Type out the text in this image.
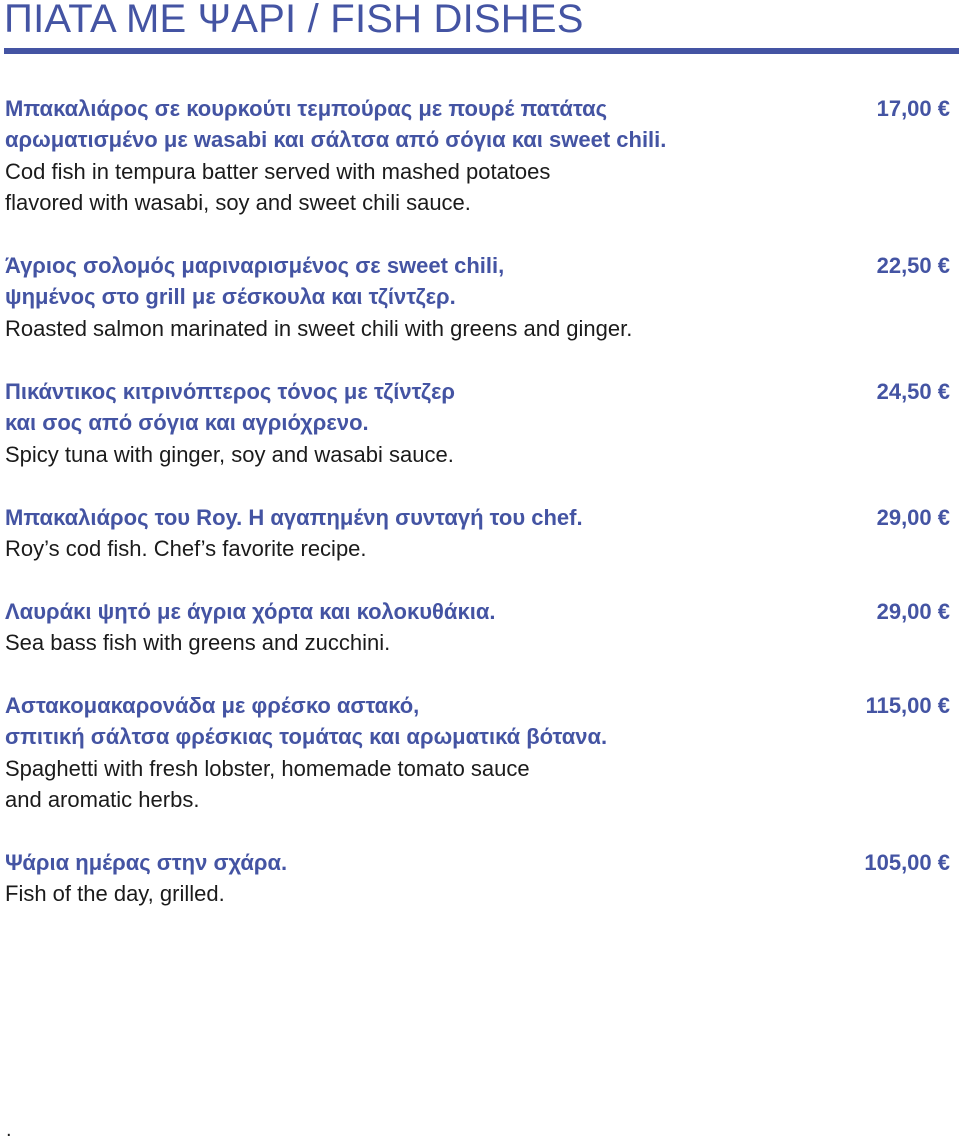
ΠΙΑΤΑ ΜΕ ΨΑΡΙ / FISH DISHES
Μπακαλιάρος σε κουρκούτι τεμπούρας με πουρέ πατάτας
αρωματισμένο με wasabi και σάλτσα από σόγια και sweet chili.
Cod fish in tempura batter served with mashed potatoes
flavored with wasabi, soy and sweet chili sauce.
17,00 €
Άγριος σολομός μαριναρισμένος σε sweet chili,
ψημένος στο grill με σέσκουλα και τζίντζερ.
Roasted salmon marinated in sweet chili with greens and ginger.
22,50 €
Πικάντικος κιτρινόπτερος τόνος με τζίντζερ
και σος από σόγια και αγριόχρενο.
Spicy tuna with ginger, soy and wasabi sauce.
24,50 €
Μπακαλιάρος του Roy. Η αγαπημένη συνταγή του chef.
Roy’s cod fish. Chef’s favorite recipe.
29,00 €
Λαυράκι ψητό με άγρια χόρτα και κολοκυθάκια.
Sea bass fish with greens and zucchini.
29,00 €
Αστακομακαρονάδα με φρέσκο αστακό,
σπιτική σάλτσα φρέσκιας τομάτας και αρωματικά βότανα.
Spaghetti with fresh lobster, homemade tomato sauce
and aromatic herbs.
115,00 €
Ψάρια ημέρας στην σχάρα.
Fish of the day, grilled.
105,00 €
.
